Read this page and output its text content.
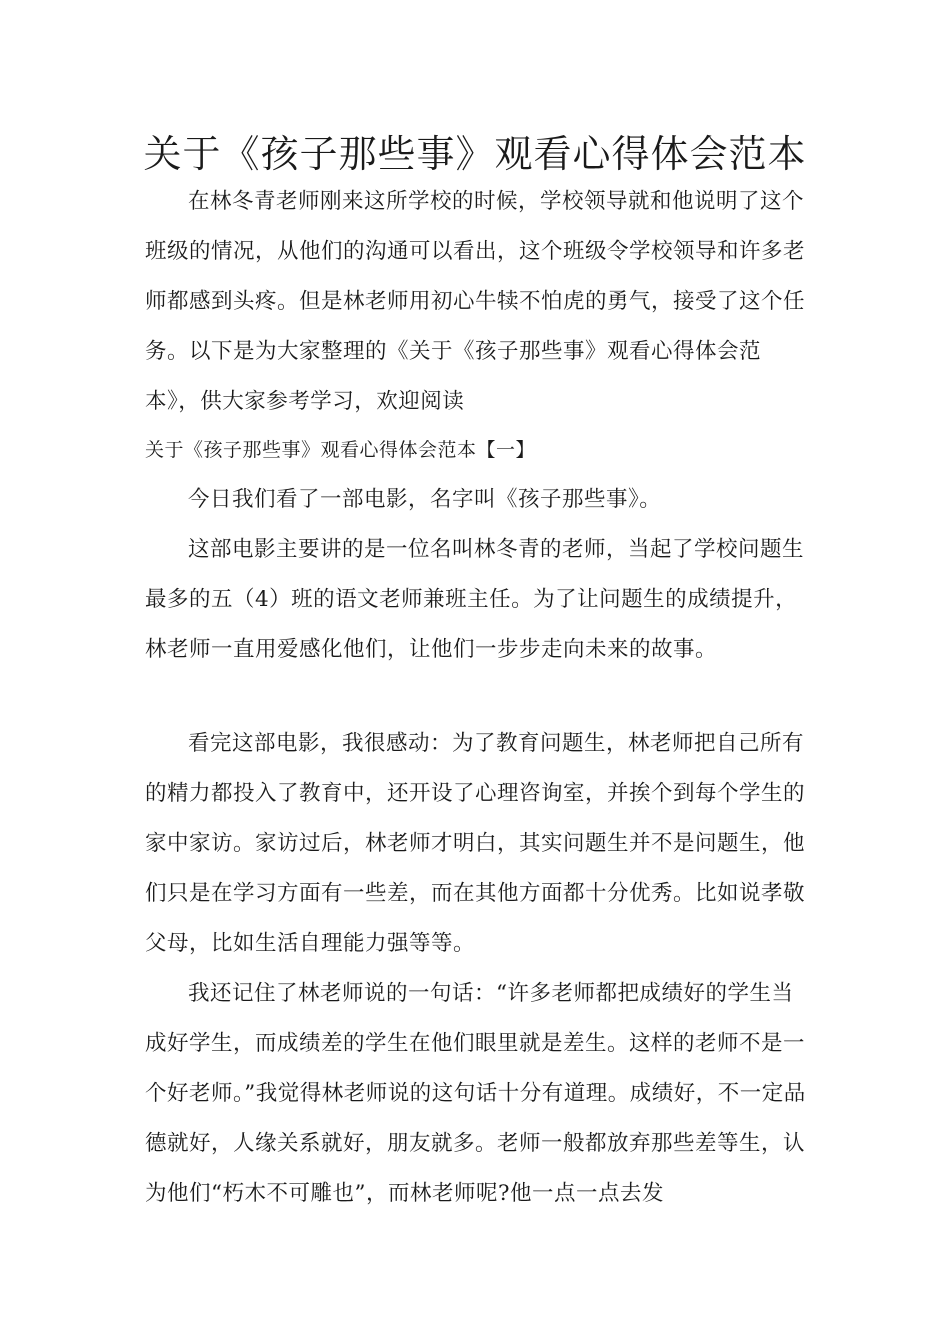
关于《孩子那些事》观看心得体会范本

在林冬青老师刚来这所学校的时候，学校领导就和他说明了这个班级的情况，从他们的沟通可以看出，这个班级令学校领导和许多老师都感到头疼。但是林老师用初心牛犊不怕虎的勇气，接受了这个任务。以下是为大家整理的《关于《孩子那些事》观看心得体会范本》，供大家参考学习，欢迎阅读

关于《孩子那些事》观看心得体会范本【一】

今日我们看了一部电影，名字叫《孩子那些事》。

这部电影主要讲的是一位名叫林冬青的老师，当起了学校问题生最多的五（4）班的语文老师兼班主任。为了让问题生的成绩提升，林老师一直用爱感化他们，让他们一步步走向未来的故事。

看完这部电影，我很感动：为了教育问题生，林老师把自己所有的精力都投入了教育中，还开设了心理咨询室，并挨个到每个学生的家中家访。家访过后，林老师才明白，其实问题生并不是问题生，他们只是在学习方面有一些差，而在其他方面都十分优秀。比如说孝敬父母，比如生活自理能力强等等。

我还记住了林老师说的一句话：“许多老师都把成绩好的学生当成好学生，而成绩差的学生在他们眼里就是差生。这样的老师不是一个好老师。”我觉得林老师说的这句话十分有道理。成绩好，不一定品德就好，人缘关系就好，朋友就多。老师一般都放弃那些差等生，认为他们“朽木不可雕也”，而林老师呢?他一点一点去发
